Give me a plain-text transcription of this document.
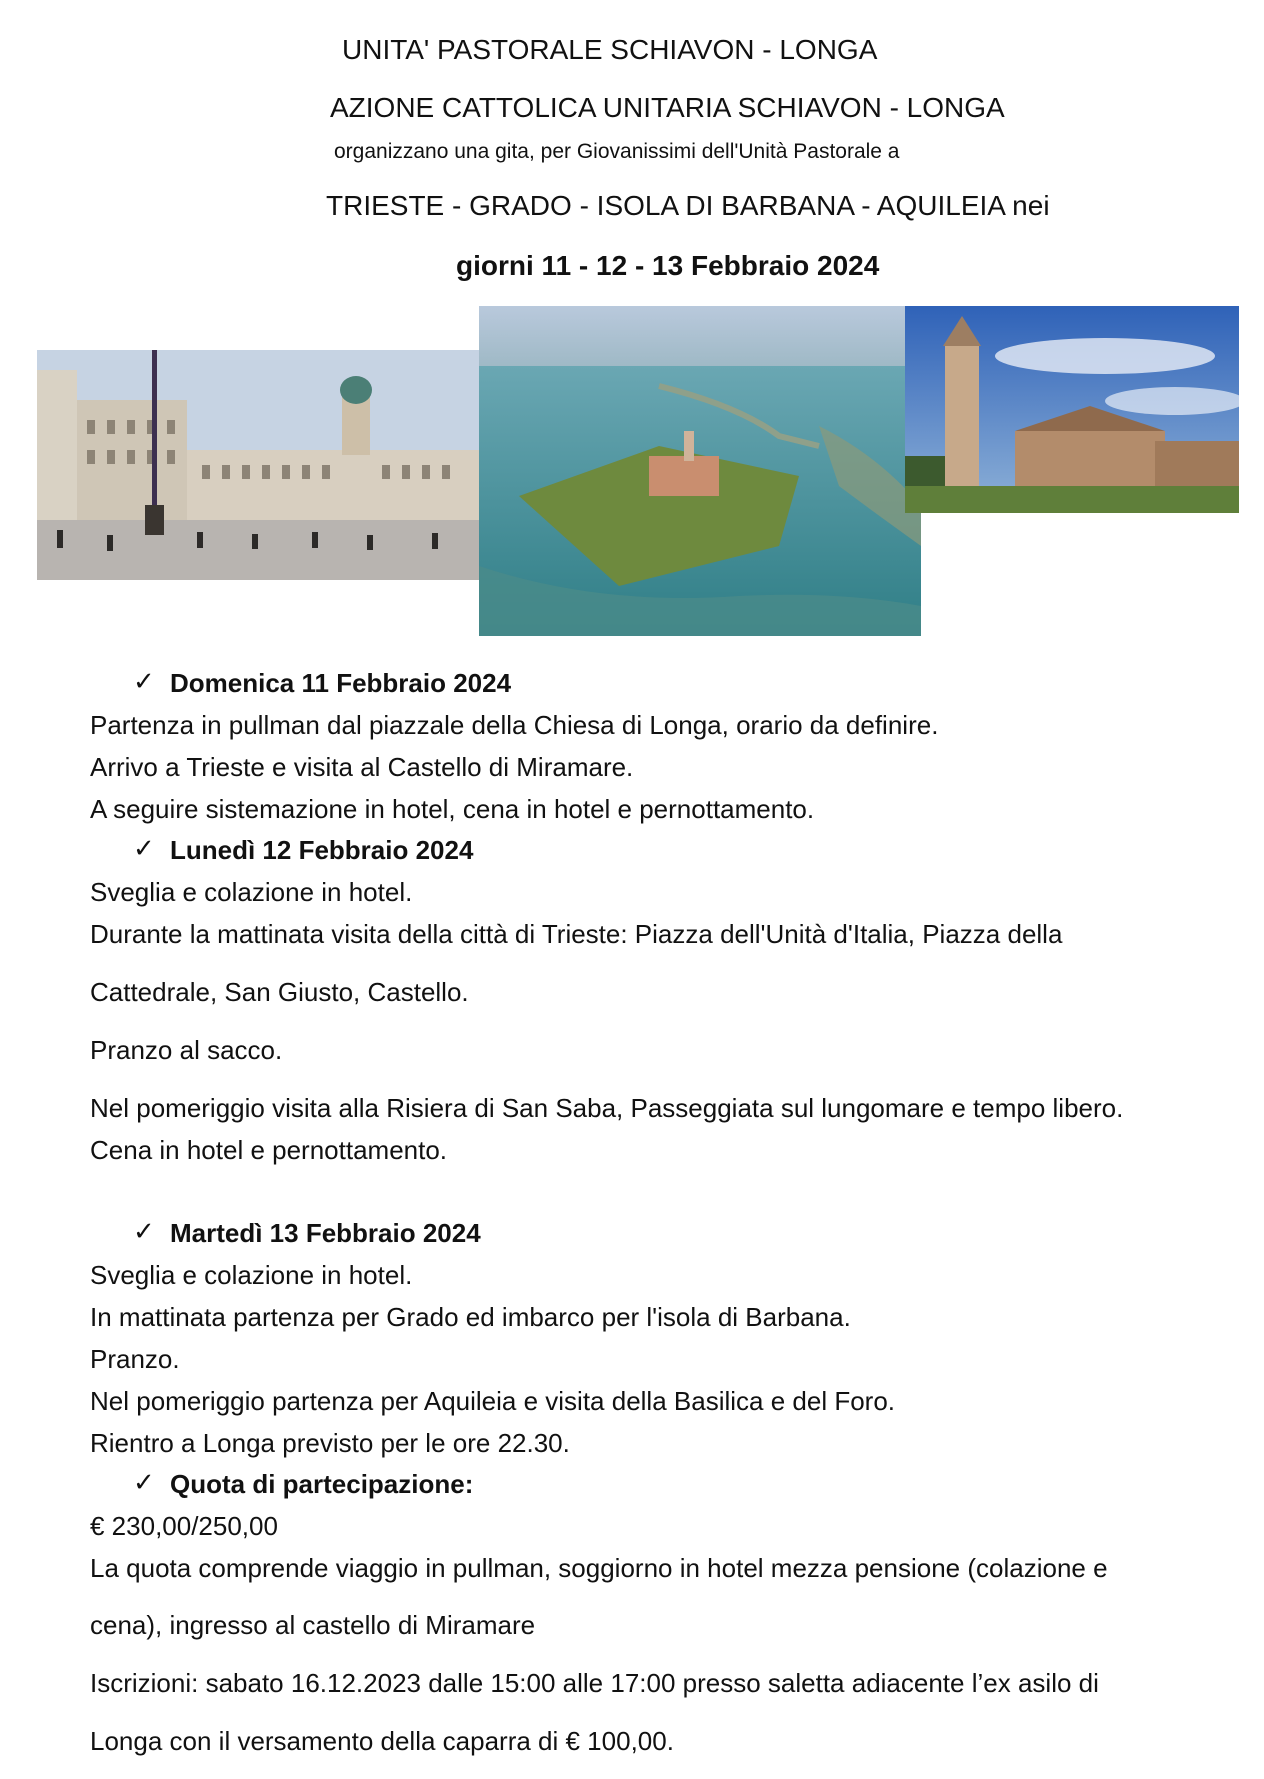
UNITA' PASTORALE SCHIAVON - LONGA
AZIONE CATTOLICA UNITARIA SCHIAVON - LONGA
organizzano una gita, per Giovanissimi dell'Unità Pastorale a
TRIESTE - GRADO - ISOLA DI BARBANA - AQUILEIA nei
giorni 11 - 12 - 13 Febbraio 2024
✓ Domenica 11 Febbraio 2024
Partenza in pullman dal piazzale della Chiesa di Longa, orario da definire.
Arrivo a Trieste e visita al Castello di Miramare.
A seguire sistemazione in hotel, cena in hotel e pernottamento.
✓ Lunedì 12 Febbraio 2024
Sveglia e colazione in hotel.
Durante la mattinata visita della città di Trieste: Piazza dell'Unità d'Italia, Piazza della
Cattedrale, San Giusto, Castello.
Pranzo al sacco.
Nel pomeriggio visita alla Risiera di San Saba, Passeggiata sul lungomare e tempo libero.
Cena in hotel e pernottamento.
✓ Martedì 13 Febbraio 2024
Sveglia e colazione in hotel.
In mattinata partenza per Grado ed imbarco per l'isola di Barbana.
Pranzo.
Nel pomeriggio partenza per Aquileia e visita della Basilica e del Foro.
Rientro a Longa previsto per le ore 22.30.
✓ Quota di partecipazione:
€ 230,00/250,00
La quota comprende viaggio in pullman, soggiorno in hotel mezza pensione (colazione e
cena), ingresso al castello di Miramare
Iscrizioni: sabato 16.12.2023 dalle 15:00 alle 17:00 presso saletta adiacente l’ex asilo di
Longa con il versamento della caparra di € 100,00.
